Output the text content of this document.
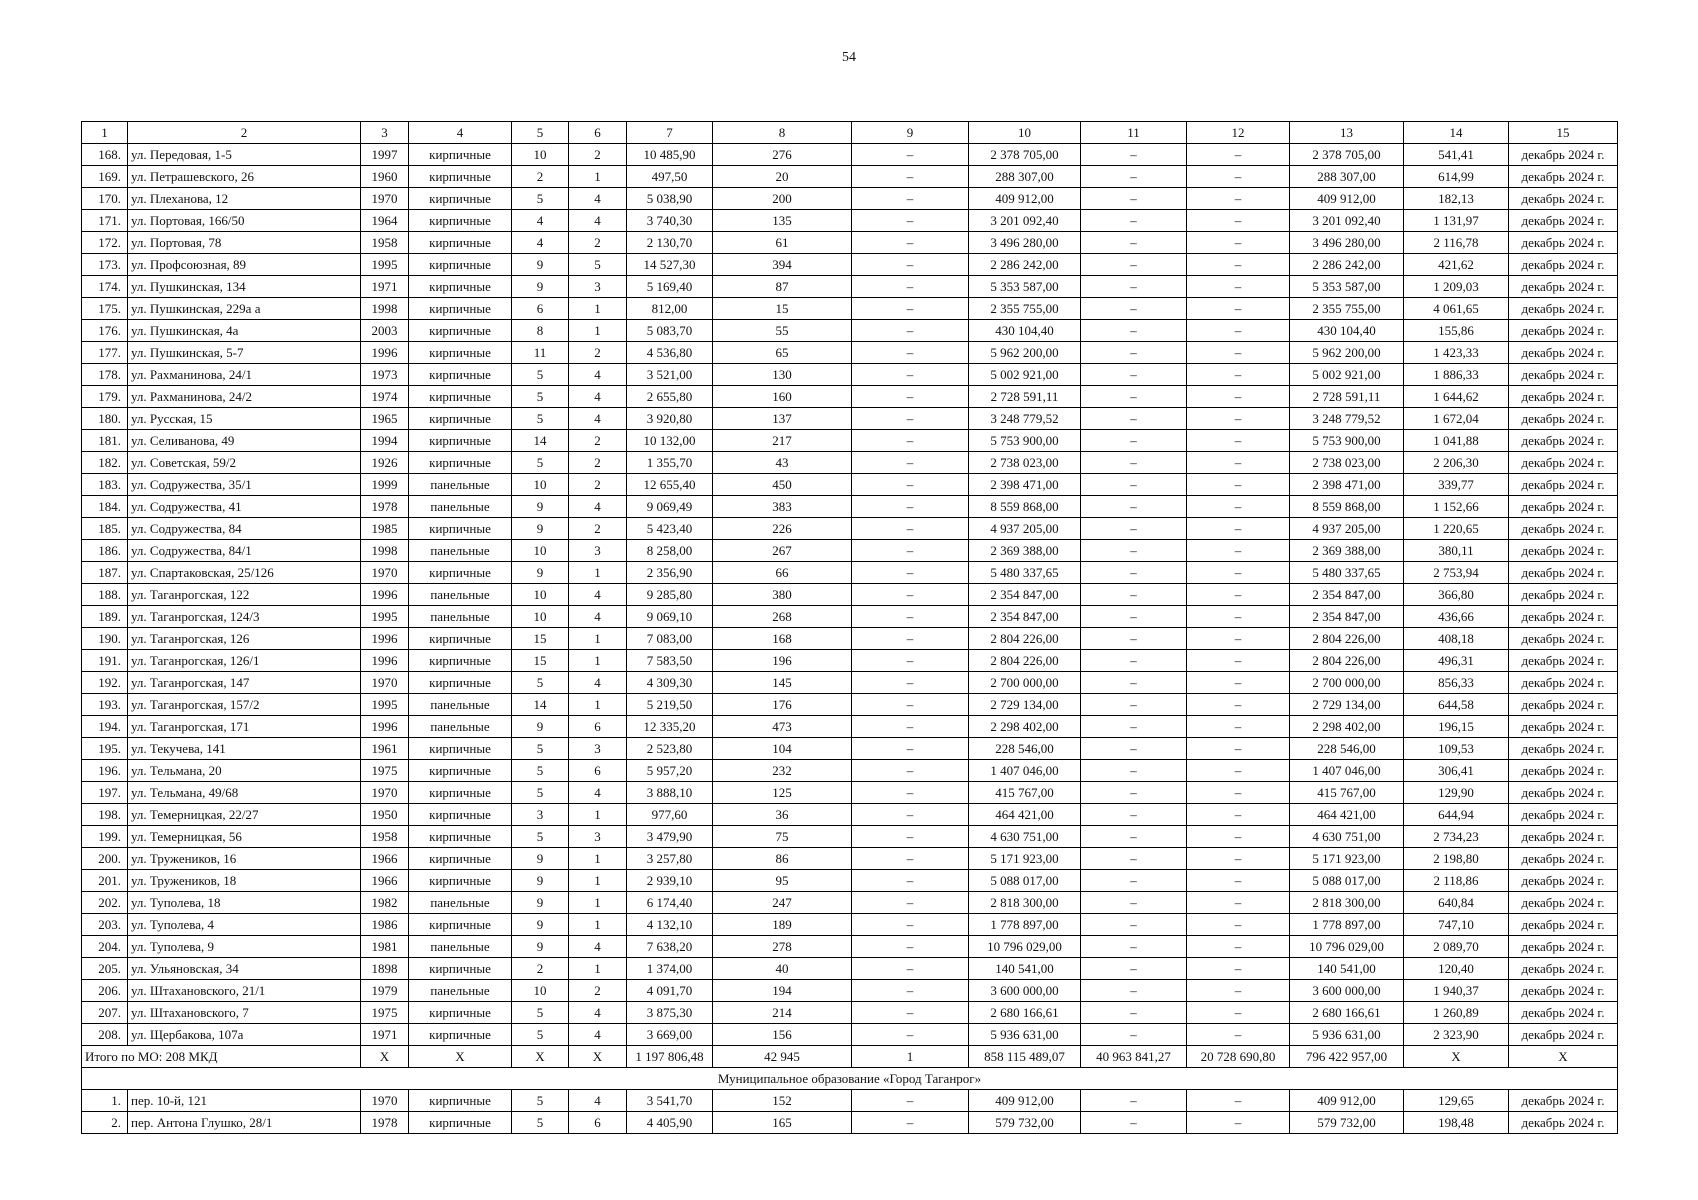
54
1	2	3	4	5	6	7	8	9	10	11	12	13	14	15
168.	ул. Передовая, 1-5	1997	кирпичные	10	2	10 485,90	276	–	2 378 705,00	–	–	2 378 705,00	541,41	декабрь 2024 г.
169.	ул. Петрашевского, 26	1960	кирпичные	2	1	497,50	20	–	288 307,00	–	–	288 307,00	614,99	декабрь 2024 г.
170.	ул. Плеханова, 12	1970	кирпичные	5	4	5 038,90	200	–	409 912,00	–	–	409 912,00	182,13	декабрь 2024 г.
171.	ул. Портовая, 166/50	1964	кирпичные	4	4	3 740,30	135	–	3 201 092,40	–	–	3 201 092,40	1 131,97	декабрь 2024 г.
172.	ул. Портовая, 78	1958	кирпичные	4	2	2 130,70	61	–	3 496 280,00	–	–	3 496 280,00	2 116,78	декабрь 2024 г.
173.	ул. Профсоюзная, 89	1995	кирпичные	9	5	14 527,30	394	–	2 286 242,00	–	–	2 286 242,00	421,62	декабрь 2024 г.
174.	ул. Пушкинская, 134	1971	кирпичные	9	3	5 169,40	87	–	5 353 587,00	–	–	5 353 587,00	1 209,03	декабрь 2024 г.
175.	ул. Пушкинская, 229а а	1998	кирпичные	6	1	812,00	15	–	2 355 755,00	–	–	2 355 755,00	4 061,65	декабрь 2024 г.
176.	ул. Пушкинская, 4а	2003	кирпичные	8	1	5 083,70	55	–	430 104,40	–	–	430 104,40	155,86	декабрь 2024 г.
177.	ул. Пушкинская, 5-7	1996	кирпичные	11	2	4 536,80	65	–	5 962 200,00	–	–	5 962 200,00	1 423,33	декабрь 2024 г.
178.	ул. Рахманинова, 24/1	1973	кирпичные	5	4	3 521,00	130	–	5 002 921,00	–	–	5 002 921,00	1 886,33	декабрь 2024 г.
179.	ул. Рахманинова, 24/2	1974	кирпичные	5	4	2 655,80	160	–	2 728 591,11	–	–	2 728 591,11	1 644,62	декабрь 2024 г.
180.	ул. Русская, 15	1965	кирпичные	5	4	3 920,80	137	–	3 248 779,52	–	–	3 248 779,52	1 672,04	декабрь 2024 г.
181.	ул. Селиванова, 49	1994	кирпичные	14	2	10 132,00	217	–	5 753 900,00	–	–	5 753 900,00	1 041,88	декабрь 2024 г.
182.	ул. Советская, 59/2	1926	кирпичные	5	2	1 355,70	43	–	2 738 023,00	–	–	2 738 023,00	2 206,30	декабрь 2024 г.
183.	ул. Содружества, 35/1	1999	панельные	10	2	12 655,40	450	–	2 398 471,00	–	–	2 398 471,00	339,77	декабрь 2024 г.
184.	ул. Содружества, 41	1978	панельные	9	4	9 069,49	383	–	8 559 868,00	–	–	8 559 868,00	1 152,66	декабрь 2024 г.
185.	ул. Содружества, 84	1985	кирпичные	9	2	5 423,40	226	–	4 937 205,00	–	–	4 937 205,00	1 220,65	декабрь 2024 г.
186.	ул. Содружества, 84/1	1998	панельные	10	3	8 258,00	267	–	2 369 388,00	–	–	2 369 388,00	380,11	декабрь 2024 г.
187.	ул. Спартаковская, 25/126	1970	кирпичные	9	1	2 356,90	66	–	5 480 337,65	–	–	5 480 337,65	2 753,94	декабрь 2024 г.
188.	ул. Таганрогская, 122	1996	панельные	10	4	9 285,80	380	–	2 354 847,00	–	–	2 354 847,00	366,80	декабрь 2024 г.
189.	ул. Таганрогская, 124/3	1995	панельные	10	4	9 069,10	268	–	2 354 847,00	–	–	2 354 847,00	436,66	декабрь 2024 г.
190.	ул. Таганрогская, 126	1996	кирпичные	15	1	7 083,00	168	–	2 804 226,00	–	–	2 804 226,00	408,18	декабрь 2024 г.
191.	ул. Таганрогская, 126/1	1996	кирпичные	15	1	7 583,50	196	–	2 804 226,00	–	–	2 804 226,00	496,31	декабрь 2024 г.
192.	ул. Таганрогская, 147	1970	кирпичные	5	4	4 309,30	145	–	2 700 000,00	–	–	2 700 000,00	856,33	декабрь 2024 г.
193.	ул. Таганрогская, 157/2	1995	панельные	14	1	5 219,50	176	–	2 729 134,00	–	–	2 729 134,00	644,58	декабрь 2024 г.
194.	ул. Таганрогская, 171	1996	панельные	9	6	12 335,20	473	–	2 298 402,00	–	–	2 298 402,00	196,15	декабрь 2024 г.
195.	ул. Текучева, 141	1961	кирпичные	5	3	2 523,80	104	–	228 546,00	–	–	228 546,00	109,53	декабрь 2024 г.
196.	ул. Тельмана, 20	1975	кирпичные	5	6	5 957,20	232	–	1 407 046,00	–	–	1 407 046,00	306,41	декабрь 2024 г.
197.	ул. Тельмана, 49/68	1970	кирпичные	5	4	3 888,10	125	–	415 767,00	–	–	415 767,00	129,90	декабрь 2024 г.
198.	ул. Темерницкая, 22/27	1950	кирпичные	3	1	977,60	36	–	464 421,00	–	–	464 421,00	644,94	декабрь 2024 г.
199.	ул. Темерницкая, 56	1958	кирпичные	5	3	3 479,90	75	–	4 630 751,00	–	–	4 630 751,00	2 734,23	декабрь 2024 г.
200.	ул. Тружеников, 16	1966	кирпичные	9	1	3 257,80	86	–	5 171 923,00	–	–	5 171 923,00	2 198,80	декабрь 2024 г.
201.	ул. Тружеников, 18	1966	кирпичные	9	1	2 939,10	95	–	5 088 017,00	–	–	5 088 017,00	2 118,86	декабрь 2024 г.
202.	ул. Туполева, 18	1982	панельные	9	1	6 174,40	247	–	2 818 300,00	–	–	2 818 300,00	640,84	декабрь 2024 г.
203.	ул. Туполева, 4	1986	кирпичные	9	1	4 132,10	189	–	1 778 897,00	–	–	1 778 897,00	747,10	декабрь 2024 г.
204.	ул. Туполева, 9	1981	панельные	9	4	7 638,20	278	–	10 796 029,00	–	–	10 796 029,00	2 089,70	декабрь 2024 г.
205.	ул. Ульяновская, 34	1898	кирпичные	2	1	1 374,00	40	–	140 541,00	–	–	140 541,00	120,40	декабрь 2024 г.
206.	ул. Штахановского, 21/1	1979	панельные	10	2	4 091,70	194	–	3 600 000,00	–	–	3 600 000,00	1 940,37	декабрь 2024 г.
207.	ул. Штахановского, 7	1975	кирпичные	5	4	3 875,30	214	–	2 680 166,61	–	–	2 680 166,61	1 260,89	декабрь 2024 г.
208.	ул. Щербакова, 107а	1971	кирпичные	5	4	3 669,00	156	–	5 936 631,00	–	–	5 936 631,00	2 323,90	декабрь 2024 г.
Итого по МО: 208 МКД		Х	Х	Х	Х	1 197 806,48	42 945	1	858 115 489,07	40 963 841,27	20 728 690,80	796 422 957,00	Х	Х
Муниципальное образование «Город Таганрог»														
1.	пер. 10-й, 121	1970	кирпичные	5	4	3 541,70	152	–	409 912,00	–	–	409 912,00	129,65	декабрь 2024 г.
2.	пер. Антона Глушко, 28/1	1978	кирпичные	5	6	4 405,90	165	–	579 732,00	–	–	579 732,00	198,48	декабрь 2024 г.
